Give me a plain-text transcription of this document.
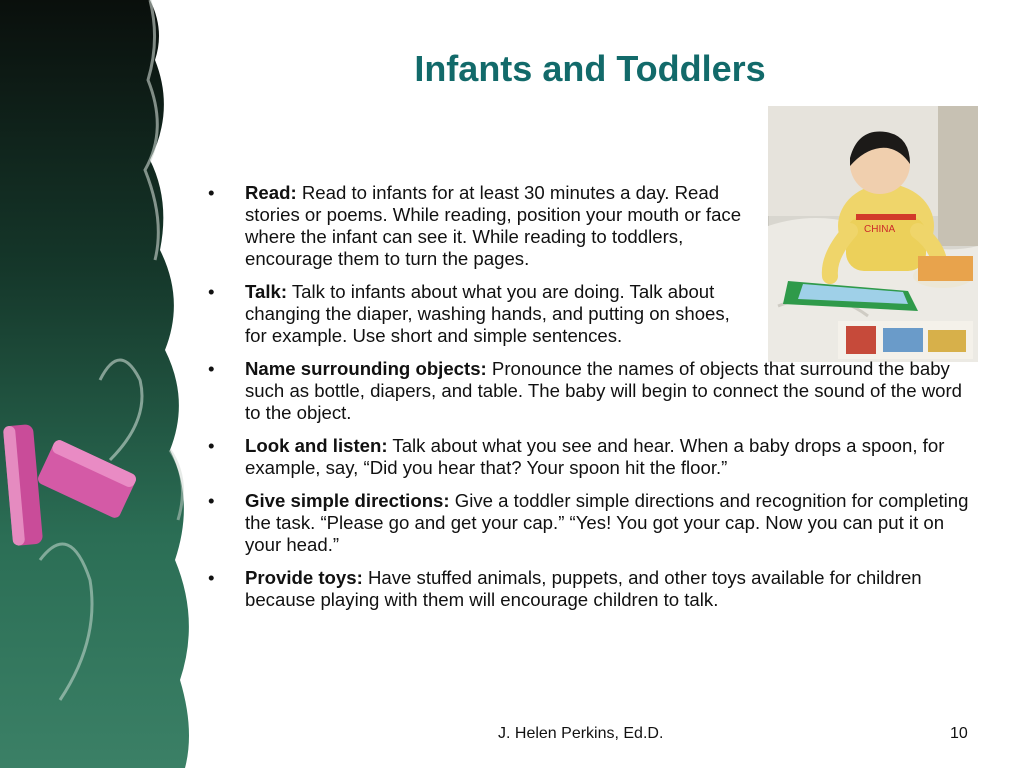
Infants and Toddlers
CHINA
• Read: Read to infants for at least 30 minutes a day. Read stories or poems. While reading, position your mouth or face where the infant can see it. While reading to toddlers, encourage them to turn the pages.
• Talk: Talk to infants about what you are doing. Talk about changing the diaper, washing hands, and putting on shoes, for example. Use short and simple sentences.
• Name surrounding objects: Pronounce the names of objects that surround the baby such as bottle, diapers, and table. The baby will begin to connect the sound of the word to the object.
• Look and listen: Talk about what you see and hear. When a baby drops a spoon, for example, say, “Did you hear that? Your spoon hit the floor.”
• Give simple directions: Give a toddler simple directions and recognition for completing the task. “Please go and get your cap.” “Yes! You got your cap. Now you can put it on your head.”
• Provide toys: Have stuffed animals, puppets, and other toys available for children because playing with them will encourage children to talk.
J. Helen Perkins, Ed.D.	10
